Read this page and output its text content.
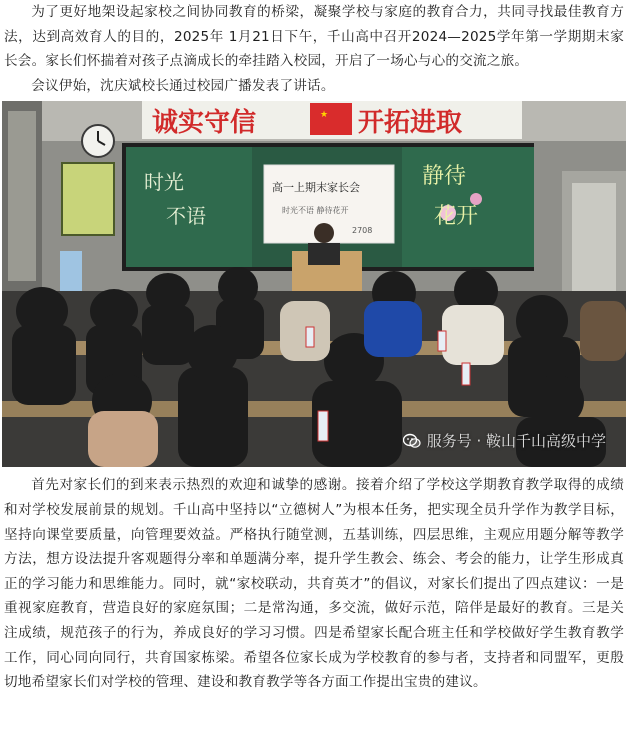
为了更好地架设起家校之间协同教育的桥梁，凝聚学校与家庭的教育合力，共同寻找最佳教育方法，达到高效育人的目的，2025年 1月21日下午，千山高中召开2024—2025学年第一学期期末家长会。家长们怀揣着对孩子点滴成长的牵挂踏入校园，开启了一场心与心的交流之旅。

会议伊始，沈庆斌校长通过校园广播发表了讲话。

★
诚实守信	开拓进取
时光
不语
静待
花开
高一上期末家长会
时光不语 静待花开
2708
服务号 · 鞍山千山高级中学

首先对家长们的到来表示热烈的欢迎和诚挚的感谢。接着介绍了学校这学期教育教学取得的成绩和对学校发展前景的规划。千山高中坚持以“立德树人”为根本任务，把实现全员升学作为教学目标，坚持向课堂要质量，向管理要效益。严格执行随堂测，五基训练，四层思维，主观应用题分解等教学方法，想方设法提升客观题得分率和单题满分率，提升学生教会、练会、考会的能力，让学生形成真正的学习能力和思维能力。同时，就“家校联动，共育英才”的倡议，对家长们提出了四点建议：一是重视家庭教育，营造良好的家庭氛围；二是常沟通，多交流，做好示范，陪伴是最好的教育。三是关注成绩，规范孩子的行为，养成良好的学习习惯。四是希望家长配合班主任和学校做好学生教育教学工作，同心同向同行，共育国家栋梁。希望各位家长成为学校教育的参与者，支持者和同盟军，更殷切地希望家长们对学校的管理、建设和教育教学等各方面工作提出宝贵的建议。
